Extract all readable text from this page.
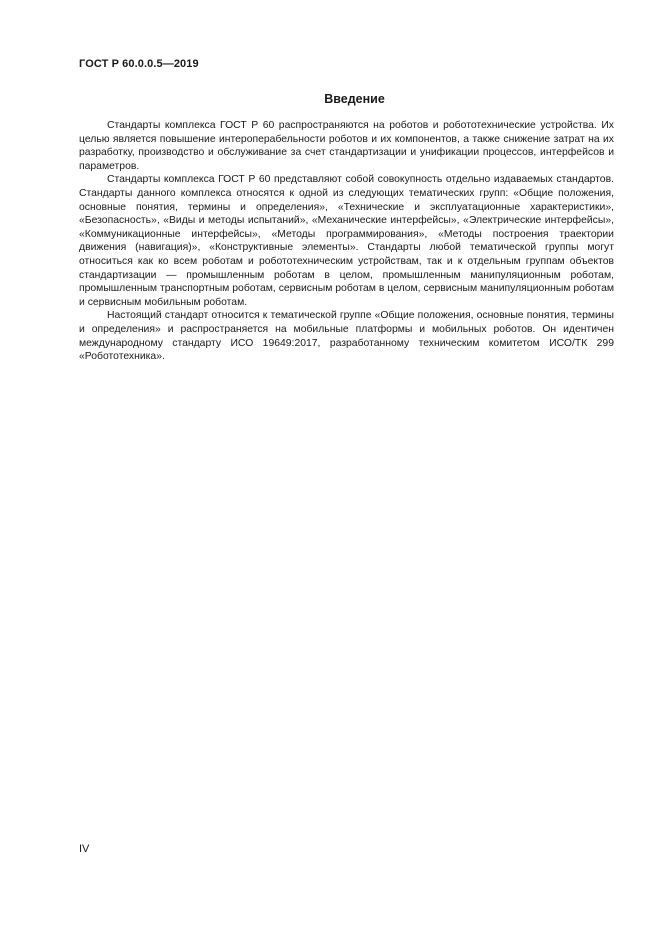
ГОСТ Р 60.0.0.5—2019
Введение

Стандарты комплекса ГОСТ Р 60 распространяются на роботов и робототехнические устройства. Их целью является повышение интероперабельности роботов и их компонентов, а также снижение затрат на их разработку, производство и обслуживание за счет стандартизации и унификации процессов, интерфейсов и параметров.

Стандарты комплекса ГОСТ Р 60 представляют собой совокупность отдельно издаваемых стандартов. Стандарты данного комплекса относятся к одной из следующих тематических групп: «Общие положения, основные понятия, термины и определения», «Технические и эксплуатационные характеристики», «Безопасность», «Виды и методы испытаний», «Механические интерфейсы», «Электрические интерфейсы», «Коммуникационные интерфейсы», «Методы программирования», «Методы построения траектории движения (навигация)», «Конструктивные элементы». Стандарты любой тематической группы могут относиться как ко всем роботам и робототехническим устройствам, так и к отдельным группам объектов стандартизации — промышленным роботам в целом, промышленным манипуляционным роботам, промышленным транспортным роботам, сервисным роботам в целом, сервисным манипуляционным роботам и сервисным мобильным роботам.

Настоящий стандарт относится к тематической группе «Общие положения, основные понятия, термины и определения» и распространяется на мобильные платформы и мобильных роботов. Он идентичен международному стандарту ИСО 19649:2017, разработанному техническим комитетом ИСО/ТК 299 «Робототехника».

IV
